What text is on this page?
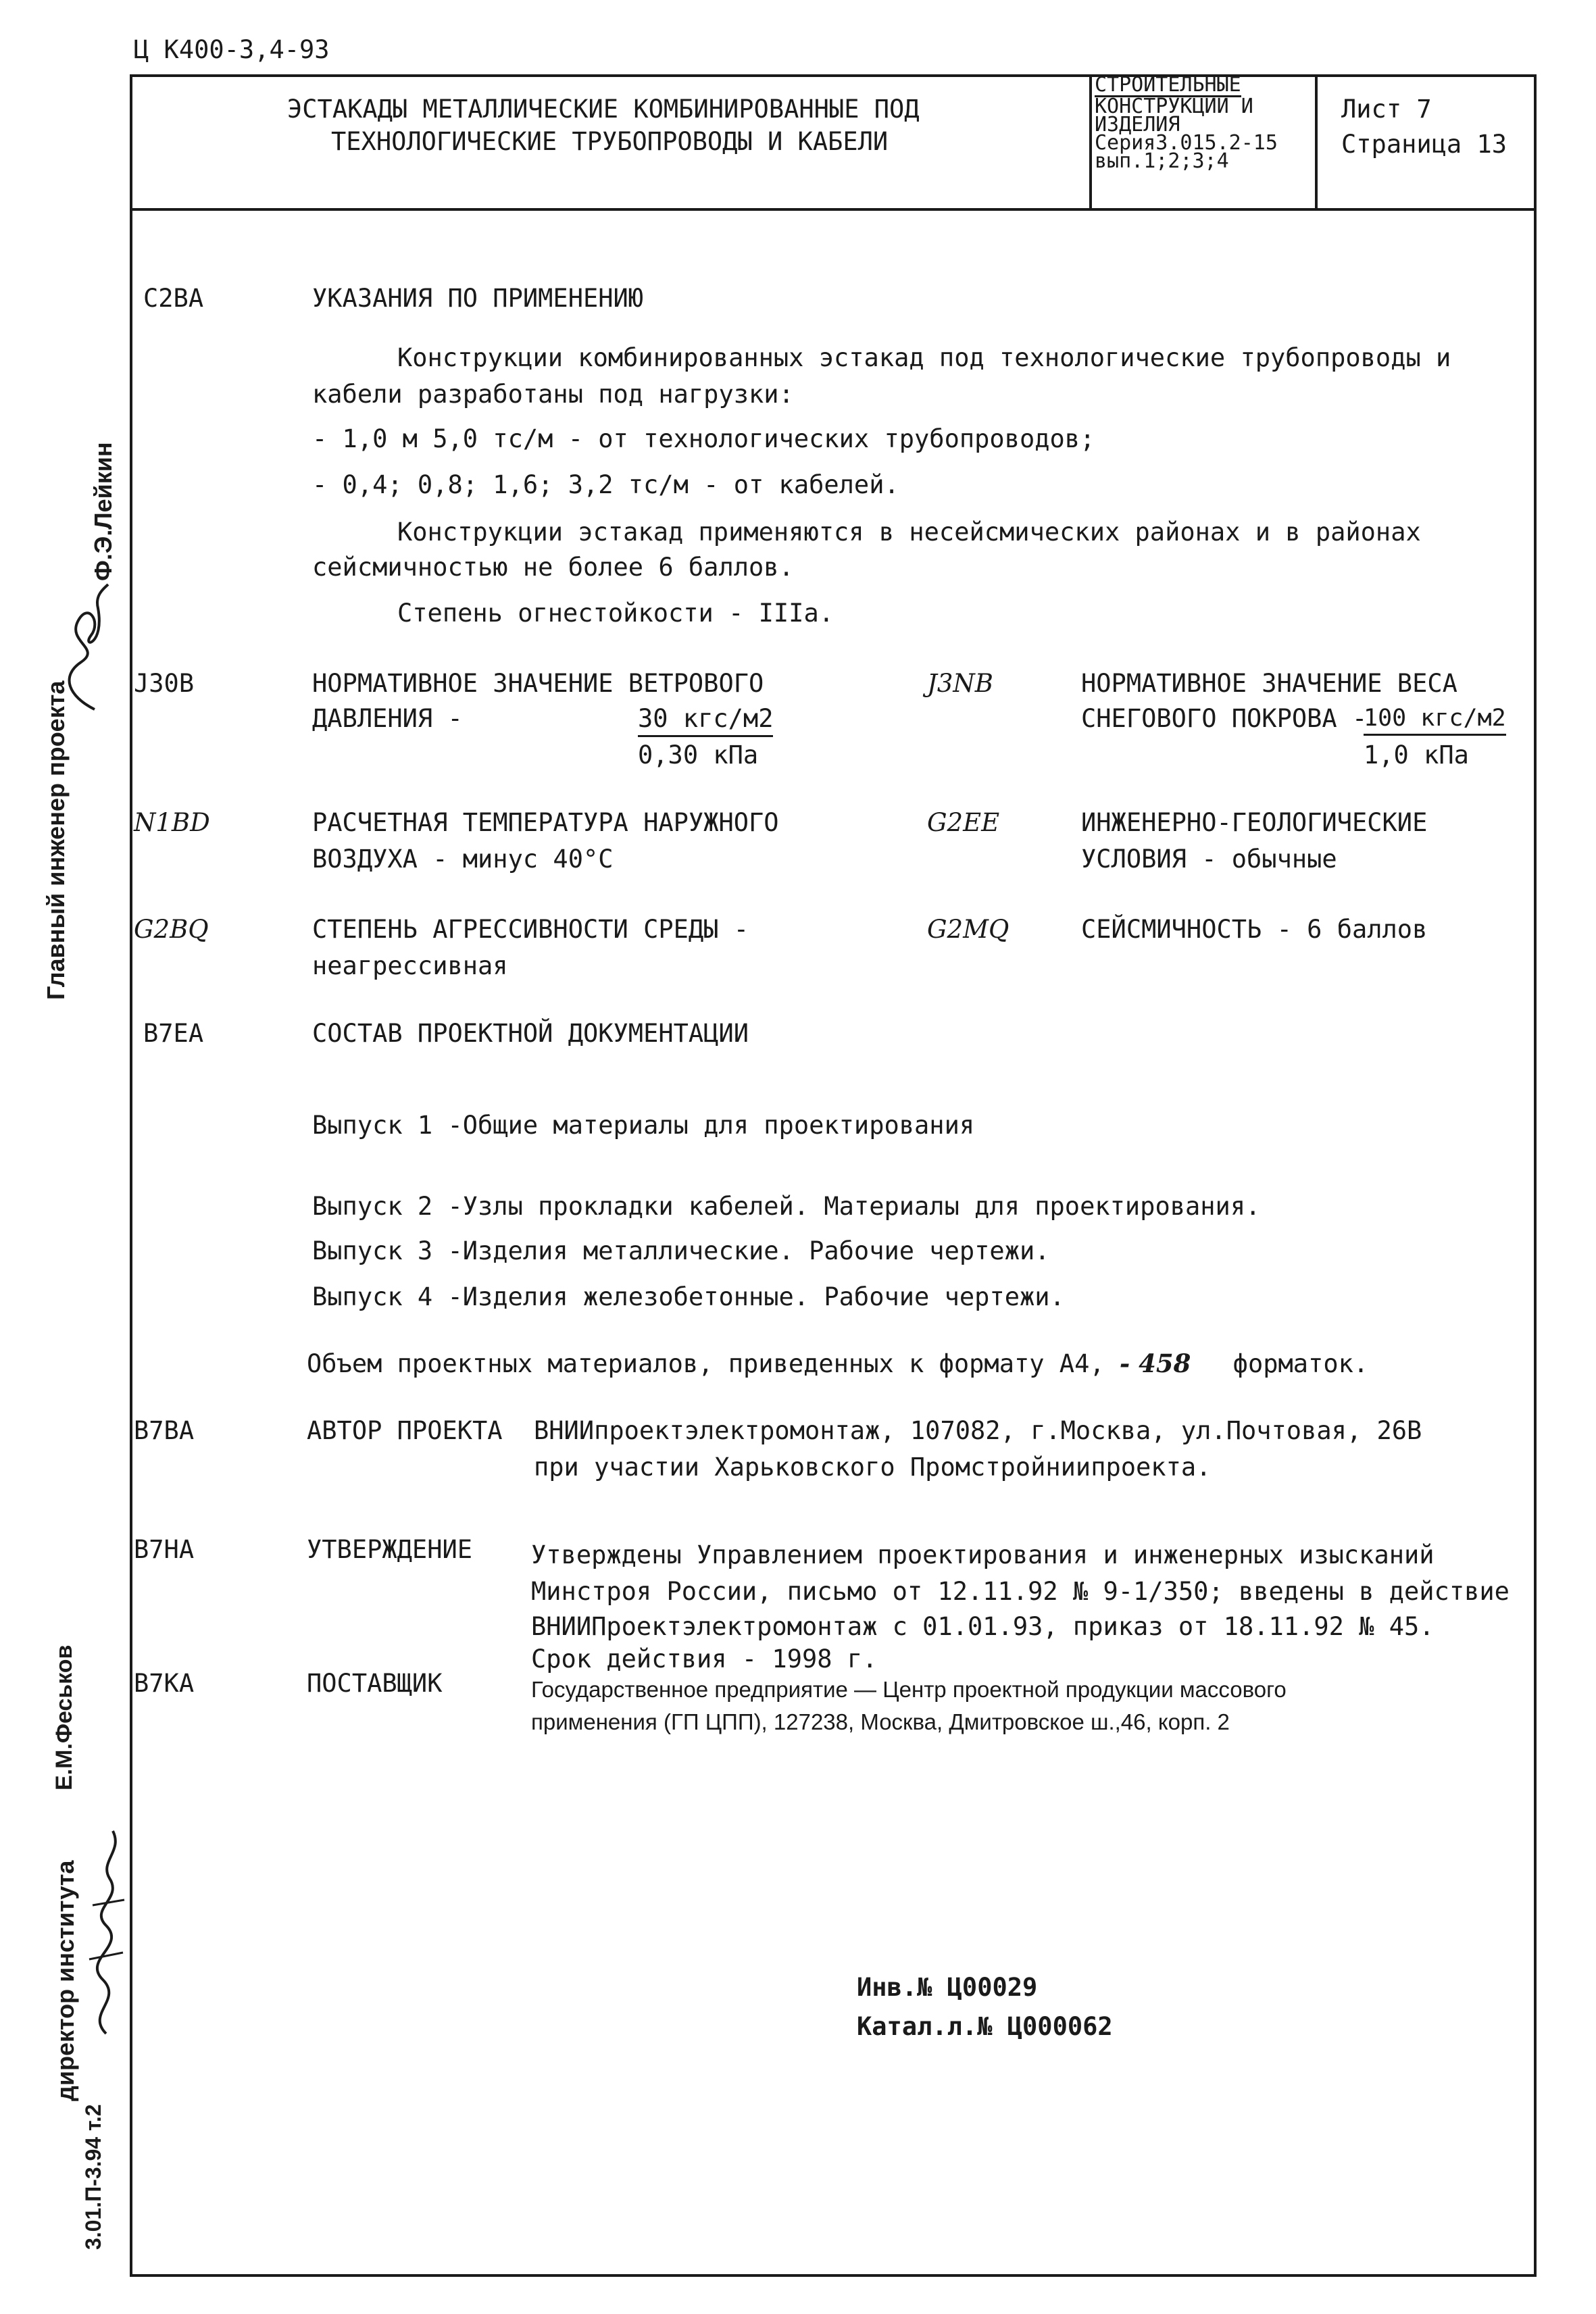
Ц К400-3,4-93
ЭСТАКАДЫ МЕТАЛЛИЧЕСКИЕ КОМБИНИРОВАННЫЕ ПОД
ТЕХНОЛОГИЧЕСКИЕ ТРУБОПРОВОДЫ И КАБЕЛИ
СТРОИТЕЛЬНЫЕ
КОНСТРУКЦИИ И
ИЗДЕЛИЯ
Серия3.015.2-15
вып.1;2;3;4
Лист 7
Страница 13
C2BA	УКАЗАНИЯ ПО ПРИМЕНЕНИЮ
Конструкции комбинированных эстакад под технологические трубопроводы и
кабели разработаны под нагрузки:
- 1,0 м 5,0 тс/м - от технологических трубопроводов;
- 0,4; 0,8; 1,6; 3,2 тс/м - от кабелей.
Конструкции эстакад применяются в несейсмических районах и в районах
сейсмичностью не более 6 баллов.
Степень огнестойкости - IIIа.
J30B	НОРМАТИВНОЕ ЗНАЧЕНИЕ ВЕТРОВОГО
ДАВЛЕНИЯ -	30 кгс/м2
0,30 кПа
J3NB	НОРМАТИВНОЕ ЗНАЧЕНИЕ ВЕСА
СНЕГОВОГО ПОКРОВА -
100 кгс/м2
1,0 кПа
N1BD	РАСЧЕТНАЯ ТЕМПЕРАТУРА НАРУЖНОГО
ВОЗДУХА - минус 40°С
G2EE	ИНЖЕНЕРНО-ГЕОЛОГИЧЕСКИЕ
УСЛОВИЯ - обычные
G2BQ	СТЕПЕНЬ АГРЕССИВНОСТИ СРЕДЫ -
неагрессивная
G2MQ	СЕЙСМИЧНОСТЬ - 6 баллов
B7EA	СОСТАВ ПРОЕКТНОЙ ДОКУМЕНТАЦИИ
Выпуск 1 -Общие материалы для проектирования
Выпуск 2 -Узлы прокладки кабелей. Материалы для проектирования.
Выпуск 3 -Изделия металлические. Рабочие чертежи.
Выпуск 4 -Изделия железобетонные. Рабочие чертежи.
Объем проектных материалов, приведенных к формату А4, - 458 форматок.
B7BA	АВТОР ПРОЕКТА ВНИИпроектэлектромонтаж, 107082, г.Москва, ул.Почтовая, 26В
при участии Харьковского Промстройниипроекта.
B7HA	УТВЕРЖДЕНИЕ Утверждены Управлением проектирования и инженерных изысканий
Минстроя России, письмо от 12.11.92 № 9-1/350; введены в действие
ВНИИПроектэлектромонтаж с 01.01.93, приказ от 18.11.92 № 45.
Срок действия - 1998 г.
B7KA	ПОСТАВЩИК	Государственное предприятие — Центр проектной продукции массового
применения (ГП ЦПП), 127238, Москва, Дмитровское ш.,46, корп. 2
Инв.№ Ц00029
Катал.л.№ Ц000062
Главный инженер проекта
Ф.Э.Лейкин
директор института
Е.М.Феськов
3.01.П-3.94 т.2
